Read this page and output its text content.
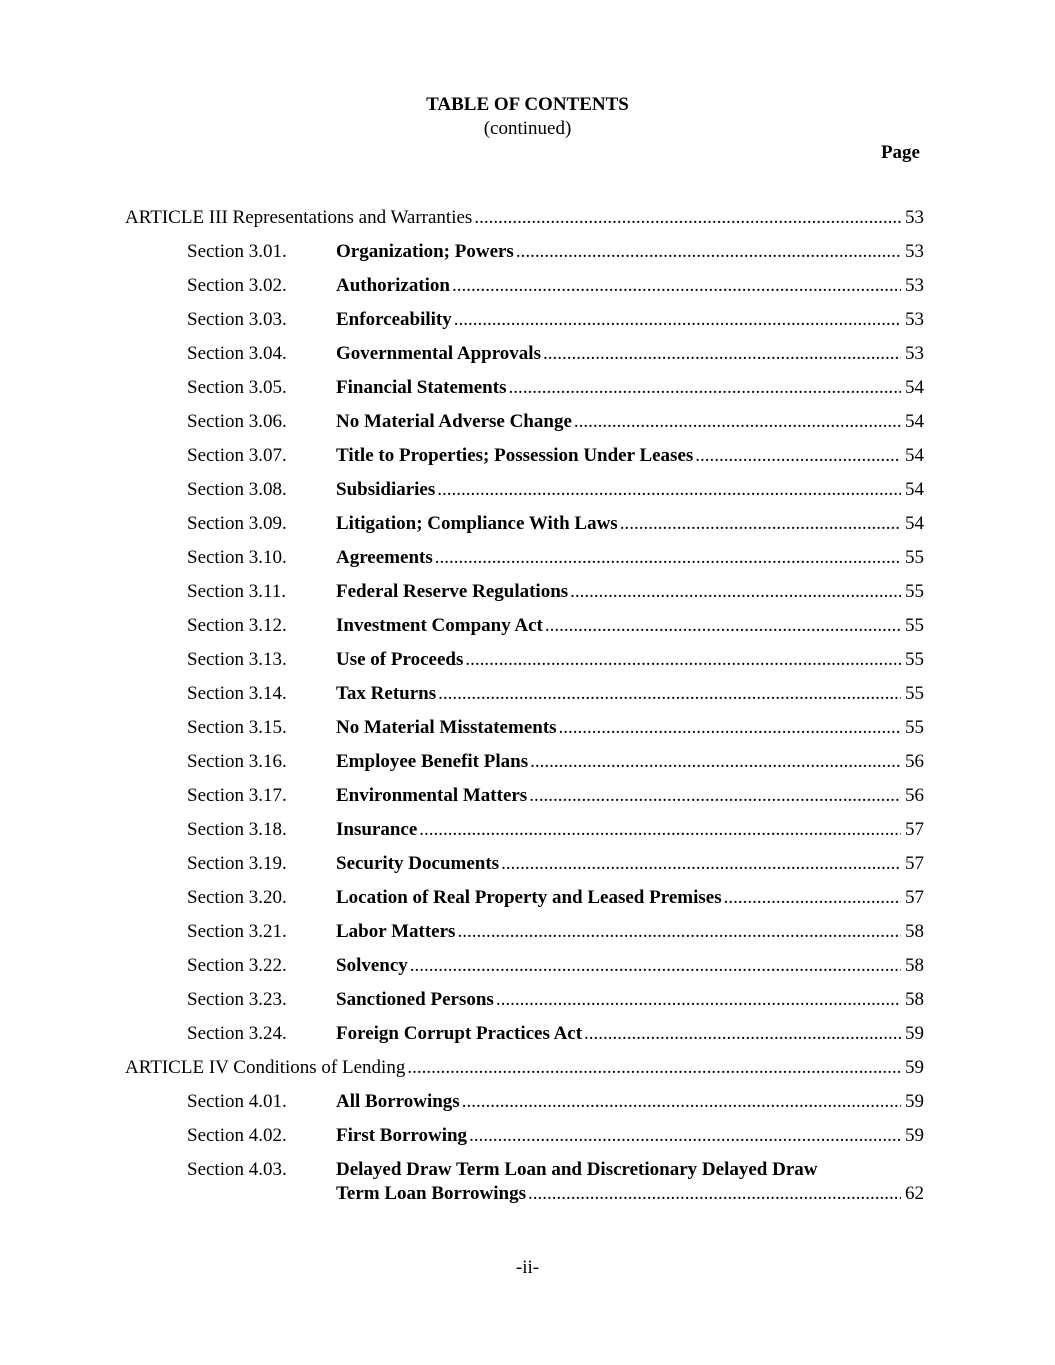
TABLE OF CONTENTS
(continued)
Page
ARTICLE III Representations and Warranties .....	53
Section 3.01.	Organization; Powers .....	53
Section 3.02.	Authorization .....	53
Section 3.03.	Enforceability .....	53
Section 3.04.	Governmental Approvals .....	53
Section 3.05.	Financial Statements .....	54
Section 3.06.	No Material Adverse Change .....	54
Section 3.07.	Title to Properties; Possession Under Leases .....	54
Section 3.08.	Subsidiaries .....	54
Section 3.09.	Litigation; Compliance With Laws .....	54
Section 3.10.	Agreements .....	55
Section 3.11.	Federal Reserve Regulations .....	55
Section 3.12.	Investment Company Act .....	55
Section 3.13.	Use of Proceeds .....	55
Section 3.14.	Tax Returns .....	55
Section 3.15.	No Material Misstatements .....	55
Section 3.16.	Employee Benefit Plans .....	56
Section 3.17.	Environmental Matters .....	56
Section 3.18.	Insurance .....	57
Section 3.19.	Security Documents .....	57
Section 3.20.	Location of Real Property and Leased Premises .....	57
Section 3.21.	Labor Matters .....	58
Section 3.22.	Solvency .....	58
Section 3.23.	Sanctioned Persons .....	58
Section 3.24.	Foreign Corrupt Practices Act .....	59
ARTICLE IV Conditions of Lending .....	59
Section 4.01.	All Borrowings .....	59
Section 4.02.	First Borrowing .....	59
Section 4.03.	Delayed Draw Term Loan and Discretionary Delayed Draw
Term Loan Borrowings .....	62
-ii-
